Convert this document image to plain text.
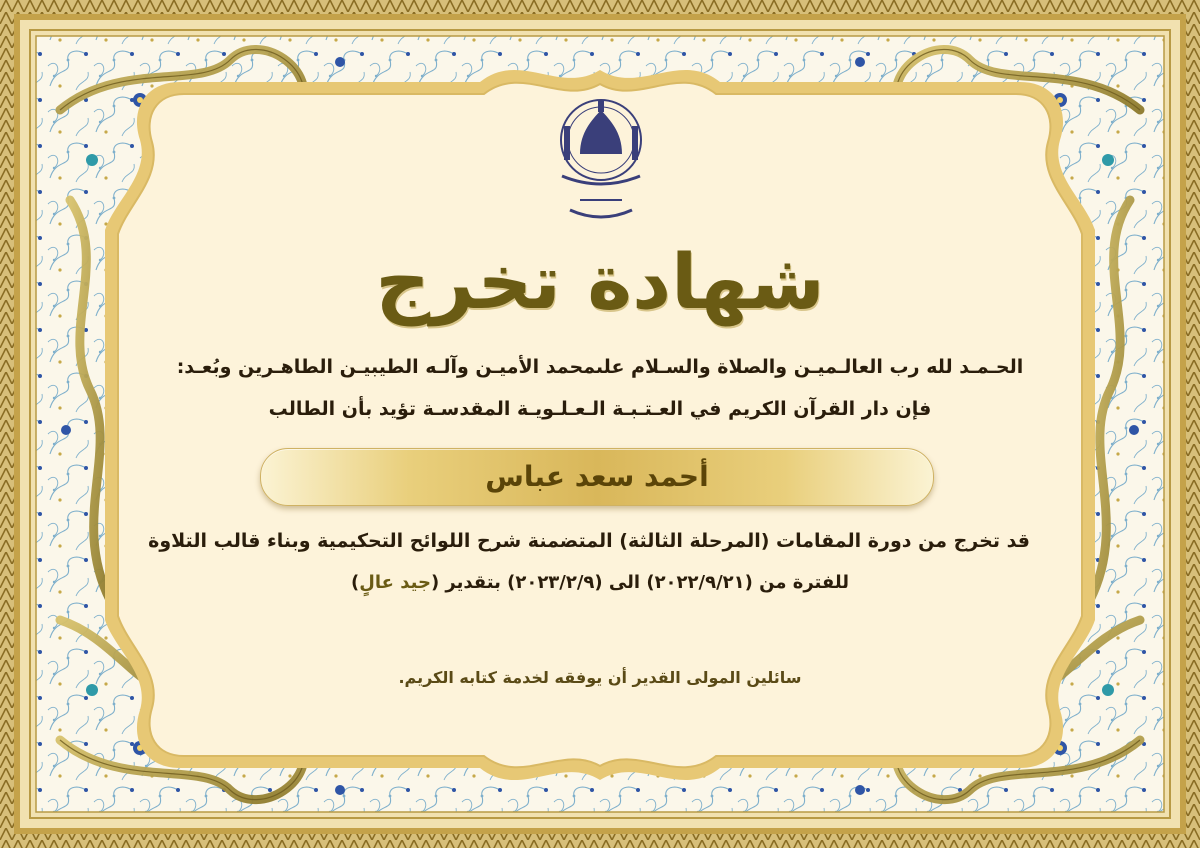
شهادة تخرج
الحـمـد لله رب العالـميـن والصلاة والسـلام علىمحمد الأميـن وآلـه الطيبيـن الطاهـرين وبُعـد:
فإن دار القرآن الكريم في العـتـبـة الـعـلـويـة المقدسـة تؤيد بأن الطالب
أحمد سعد عباس
قد تخرج من دورة المقامات (المرحلة الثالثة) المتضمنة شرح اللوائح التحكيمية وبناء قالب التلاوة
للفترة من (٢٠٢٢/٩/٢١) الى (٢٠٢٣/٢/٩) بتقدير (جيد عالٍ)
سائلين المولى القدير أن يوفقه لخدمة كتابه الكريم.
